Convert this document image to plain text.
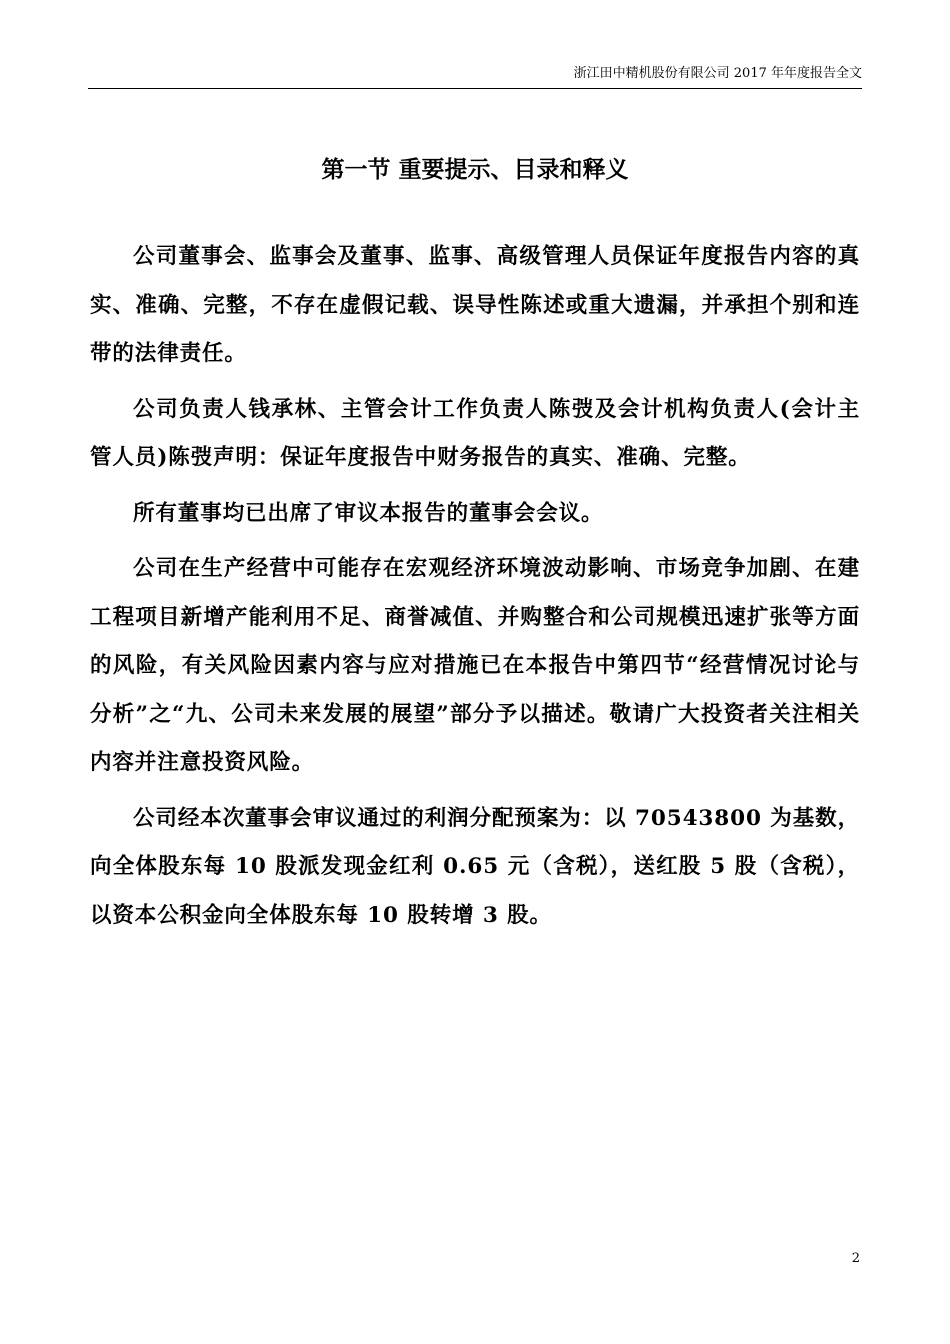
浙江田中精机股份有限公司 2017 年年度报告全文
第一节 重要提示、目录和释义

公司董事会、监事会及董事、监事、高级管理人员保证年度报告内容的真实、准确、完整，不存在虚假记载、误导性陈述或重大遗漏，并承担个别和连带的法律责任。

公司负责人钱承林、主管会计工作负责人陈弢及会计机构负责人(会计主管人员)陈弢声明：保证年度报告中财务报告的真实、准确、完整。

所有董事均已出席了审议本报告的董事会会议。

公司在生产经营中可能存在宏观经济环境波动影响、市场竞争加剧、在建工程项目新增产能利用不足、商誉减值、并购整合和公司规模迅速扩张等方面的风险，有关风险因素内容与应对措施已在本报告中第四节“经营情况讨论与分析”之“九、公司未来发展的展望”部分予以描述。敬请广大投资者关注相关内容并注意投资风险。

公司经本次董事会审议通过的利润分配预案为：以 70543800 为基数，向全体股东每 10 股派发现金红利 0.65 元（含税），送红股 5 股（含税），以资本公积金向全体股东每 10 股转增 3 股。

2
